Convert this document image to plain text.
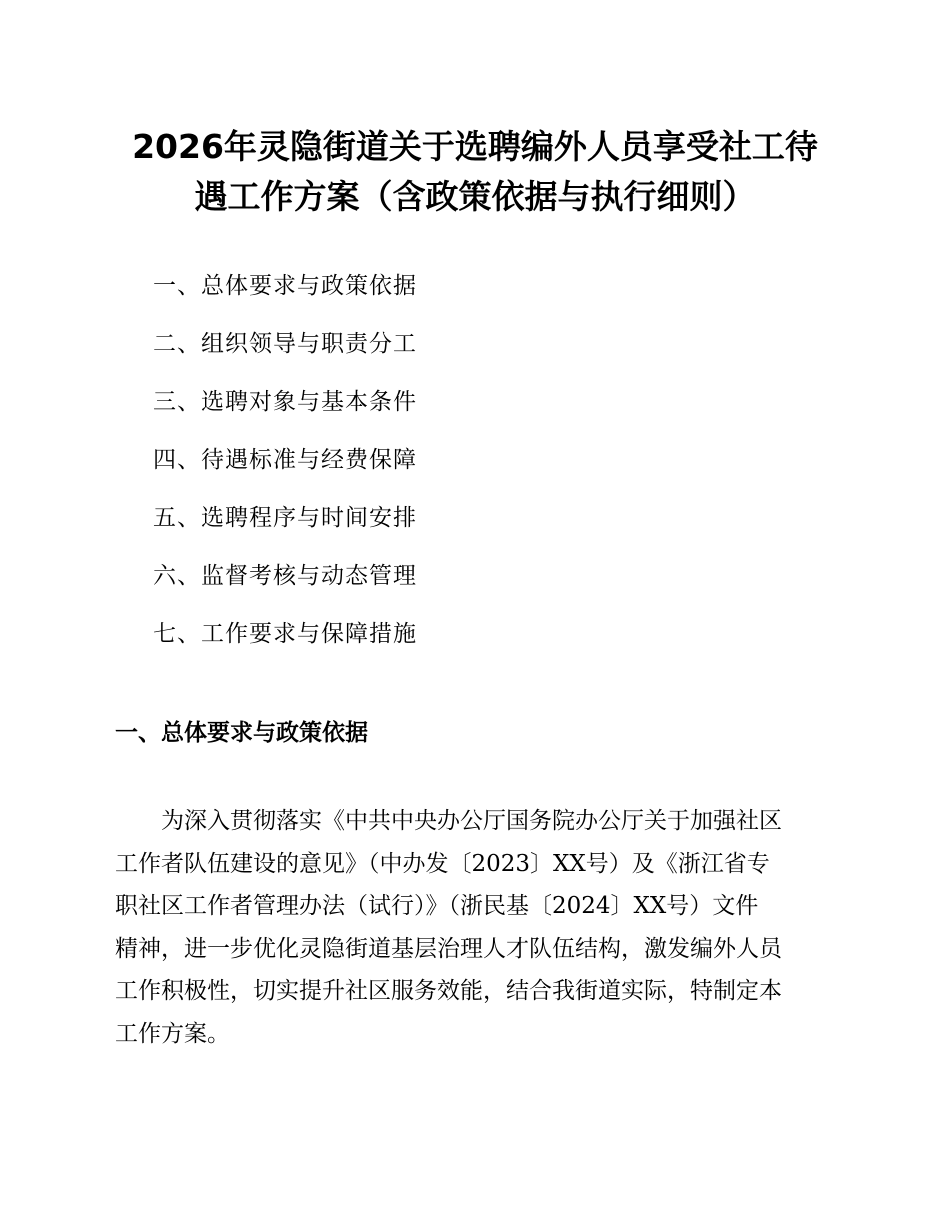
2026年灵隐街道关于选聘编外人员享受社工待
遇工作方案（含政策依据与执行细则）
一、总体要求与政策依据
二、组织领导与职责分工
三、选聘对象与基本条件
四、待遇标准与经费保障
五、选聘程序与时间安排
六、监督考核与动态管理
七、工作要求与保障措施
一、总体要求与政策依据

　　为深入贯彻落实《中共中央办公厅国务院办公厅关于加强社区
工作者队伍建设的意见》（中办发〔2023〕XX号）及《浙江省专
职社区工作者管理办法（试行）》（浙民基〔2024〕XX号）文件
精神，进一步优化灵隐街道基层治理人才队伍结构，激发编外人员
工作积极性，切实提升社区服务效能，结合我街道实际，特制定本
工作方案。
